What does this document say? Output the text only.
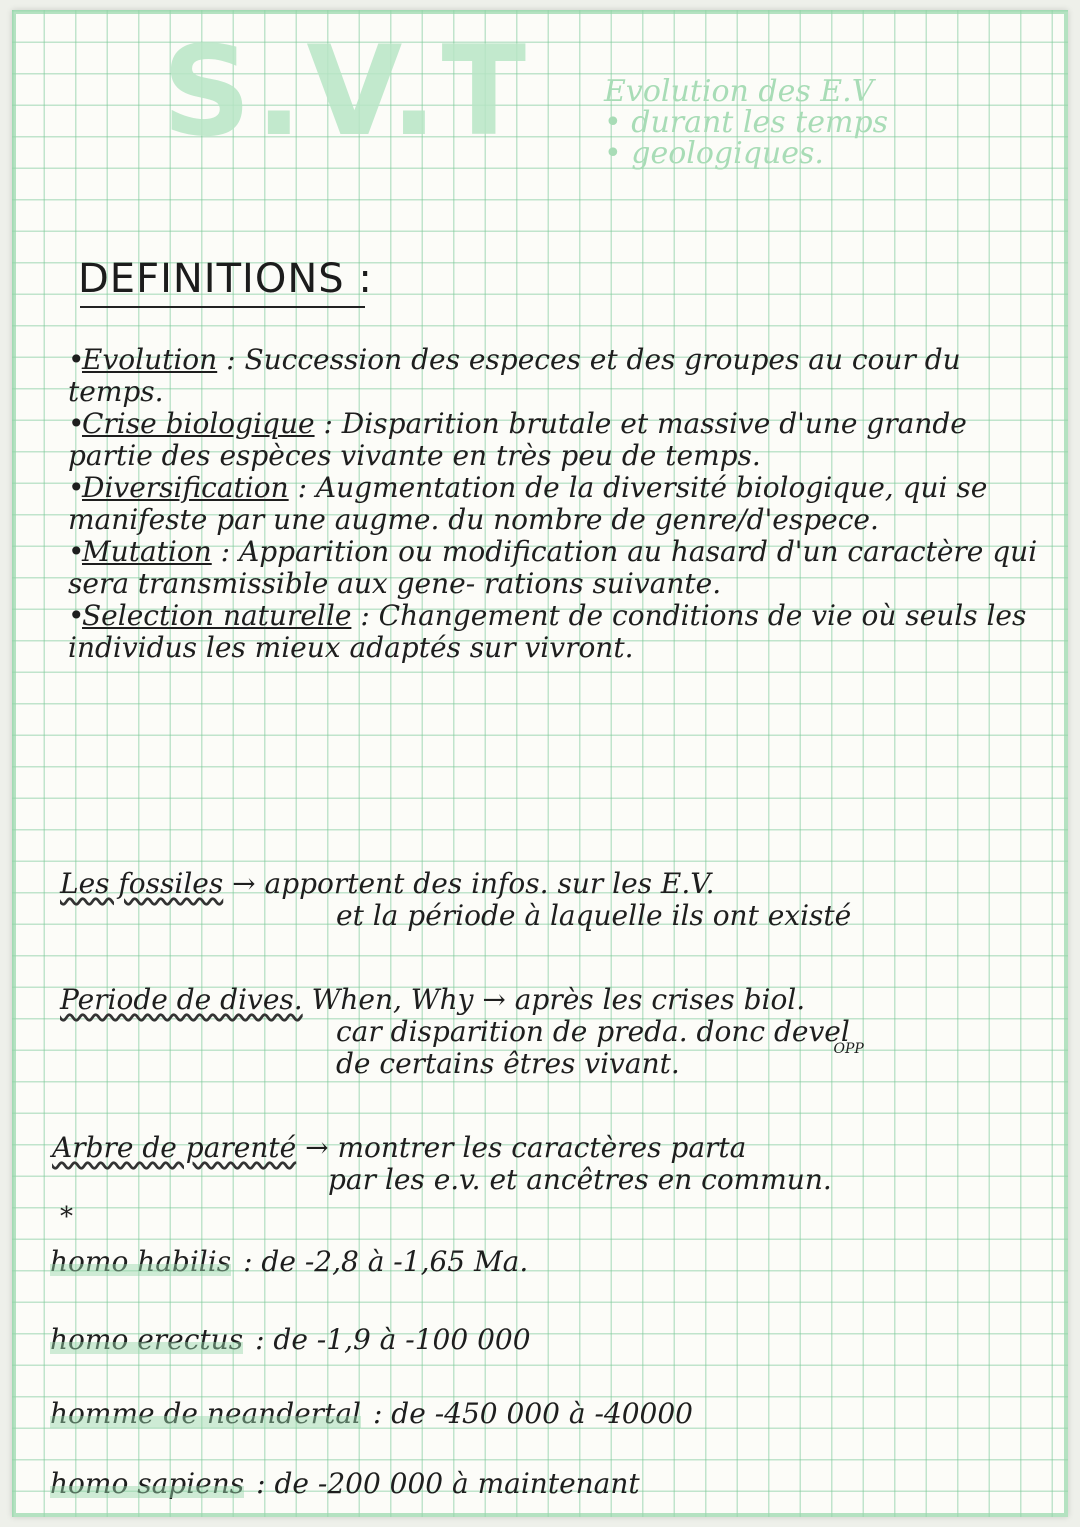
S.V.T Evolution des E.V
• durant les temps
• geologiques.
DEFINITIONS :
•Evolution : Succession des especes et des groupes au cour du temps.
•Crise biologique : Disparition brutale et massive d'une grande partie des espèces vivante en très peu de temps.
•Diversification : Augmentation de la diversité biologique, qui se manifeste par une augme. du nombre de genre/d'espece.
•Mutation : Apparition ou modification au hasard d'un caractère qui sera transmissible aux gene- rations suivante.
•Selection naturelle : Changement de conditions de vie où seuls les individus les mieux adaptés sur vivront.
Les fossiles → apportent des infos. sur les E.V.
et la période à laquelle ils ont existé
Periode de dives. When, Why → après les crises biol.
car disparition de preda. donc devel
OPP
de certains êtres vivant.
Arbre de parenté → montrer les caractères parta
par les e.v. et ancêtres en commun.
*
homo habilis : de -2,8 à -1,65 Ma.
homo erectus : de -1,9 à -100 000
homme de neandertal : de -450 000 à -40000
homo sapiens : de -200 000 à maintenant
